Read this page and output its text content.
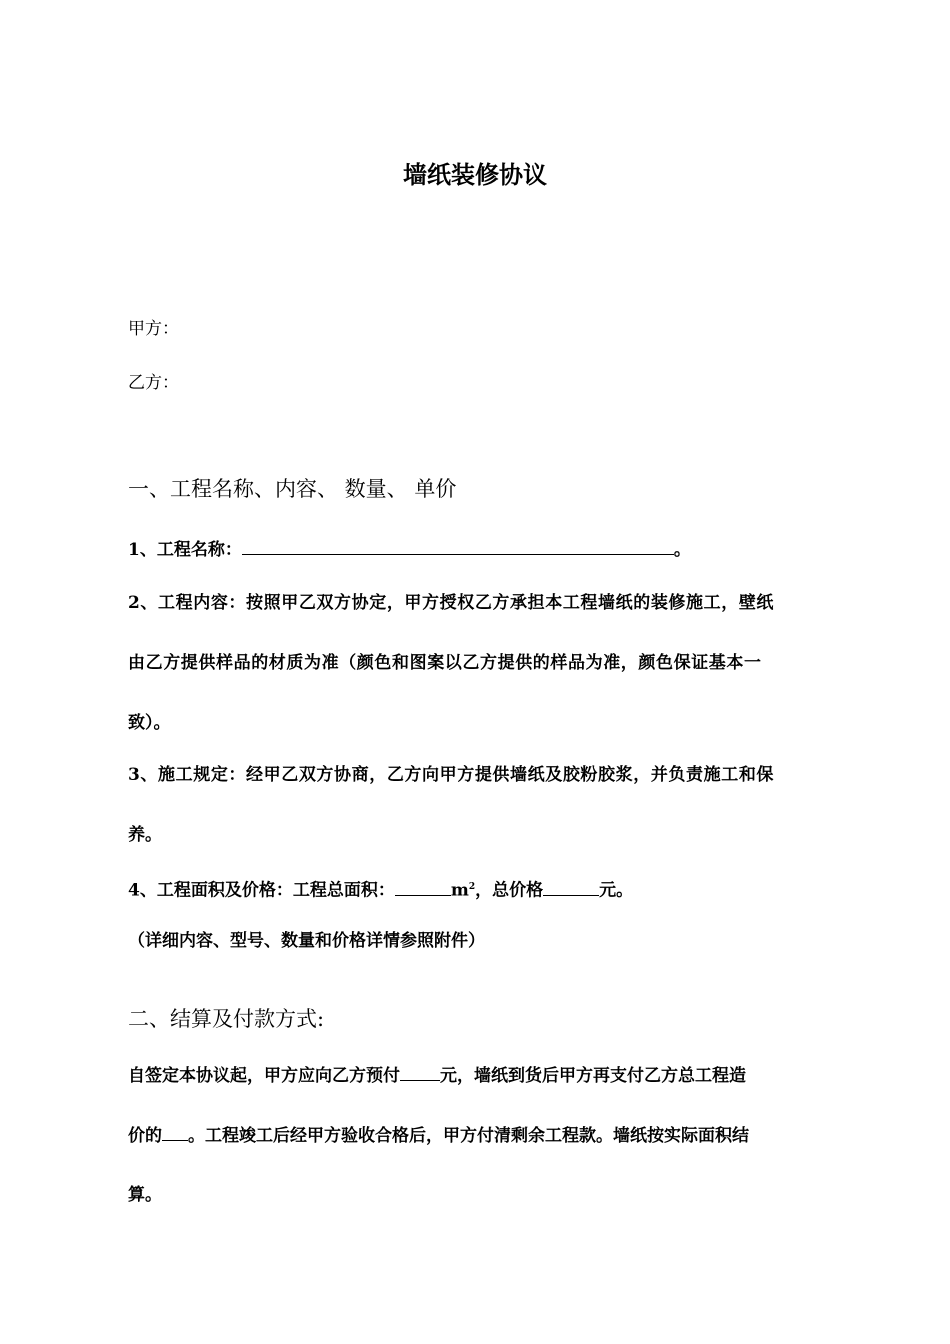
墙纸装修协议
甲方：
乙方：
一、工程名称、内容、 数量、 单价
1、工程名称：	。
2、工程内容：按照甲乙双方协定，甲方授权乙方承担本工程墙纸的装修施工，壁纸
由乙方提供样品的材质为准（颜色和图案以乙方提供的样品为准，颜色保证基本一
致）。
3、施工规定：经甲乙双方协商，乙方向甲方提供墙纸及胶粉胶浆，并负责施工和保
养。
4、工程面积及价格：工程总面积：	$m^2$，总价格	元。
（详细内容、型号、数量和价格详情参照附件）
二、结算及付款方式:
自签定本协议起，甲方应向乙方预付 元，墙纸到货后甲方再支付乙方总工程造
价的 。工程竣工后经甲方验收合格后，甲方付清剩余工程款。墙纸按实际面积结
算。
